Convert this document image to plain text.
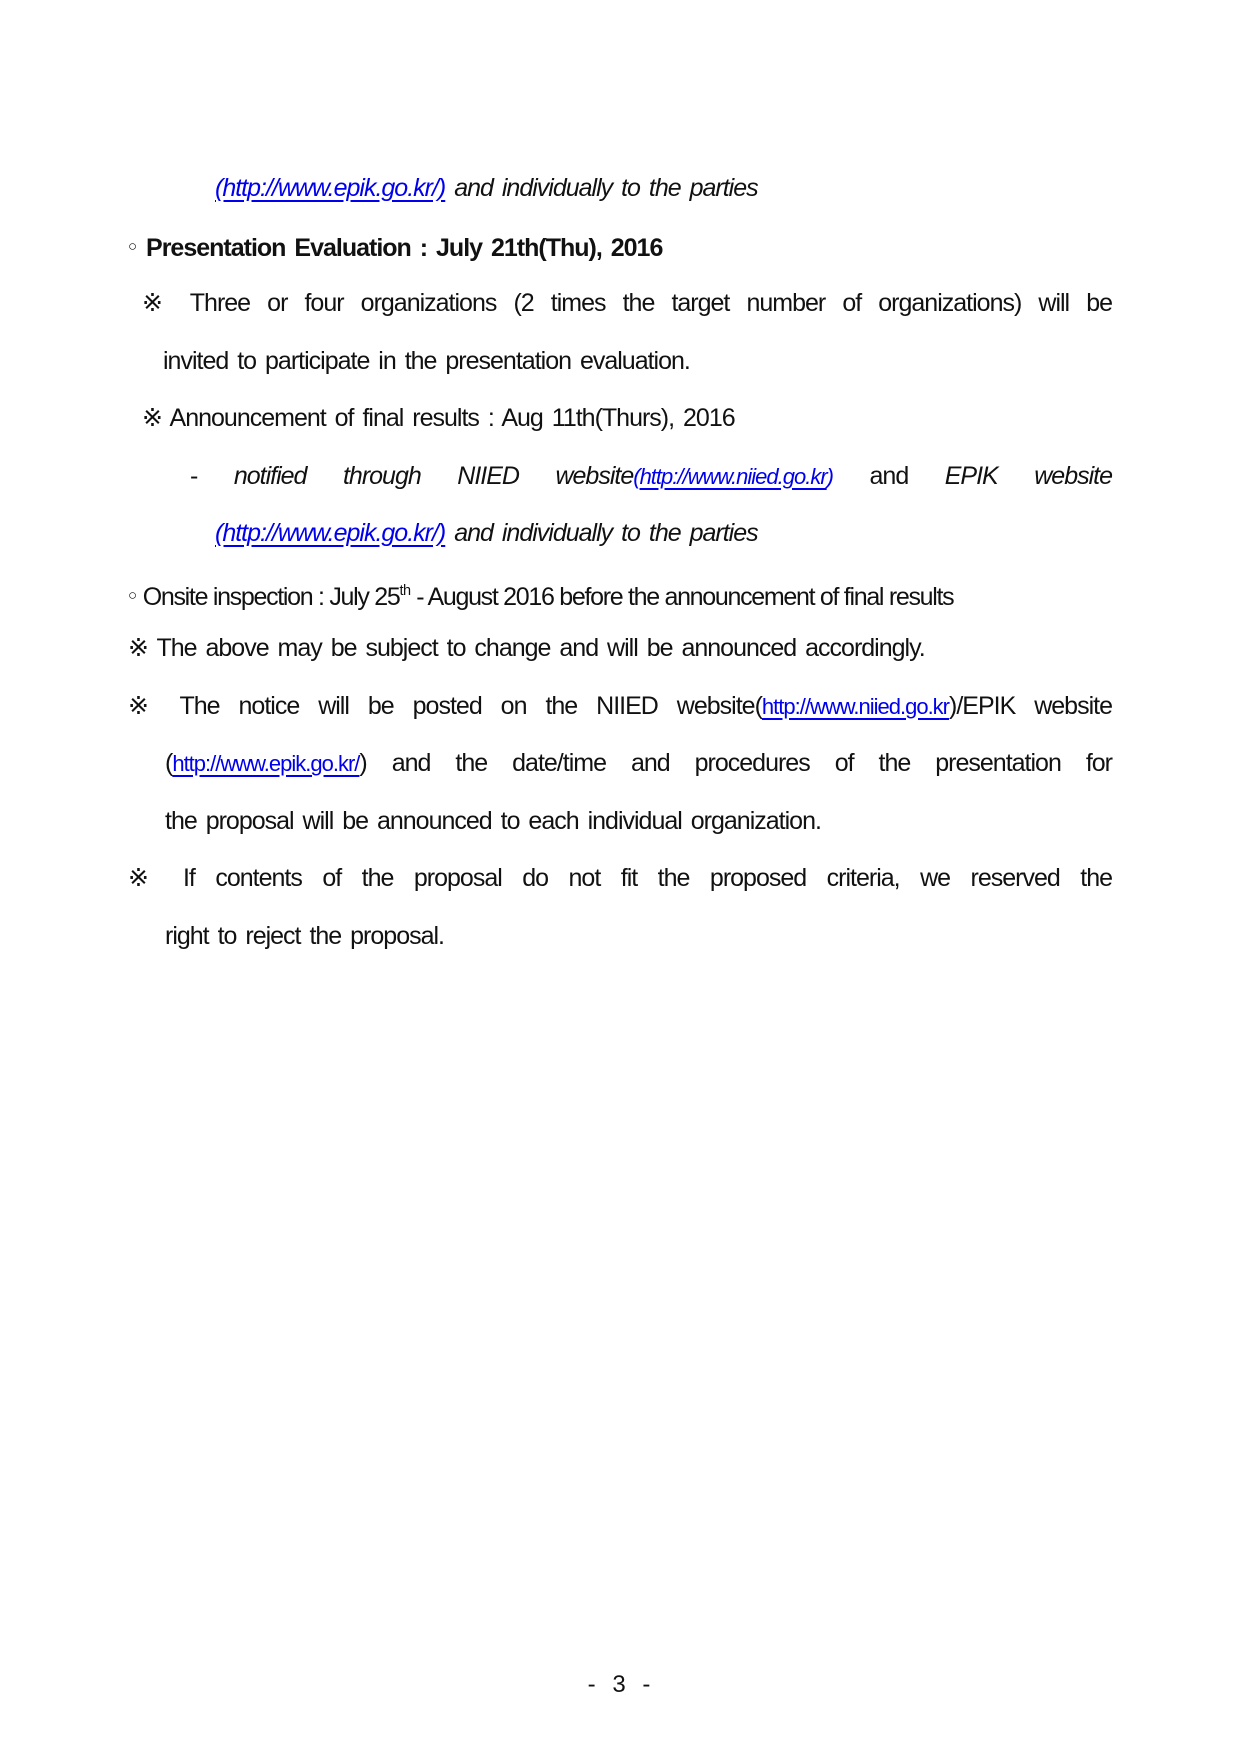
(http://www.epik.go.kr/) and individually to the parties
○ Presentation Evaluation : July 21th(Thu), 2016
※ Three or four organizations (2 times the target number of organizations) will be
invited to participate in the presentation evaluation.
※ Announcement of final results : Aug 11th(Thurs), 2016
- notified through NIIED website(http://www.niied.go.kr) and EPIK website
(http://www.epik.go.kr/) and individually to the parties
○ Onsite inspection : July 25th - August 2016 before the announcement of final results
※ The above may be subject to change and will be announced accordingly.
※ The notice will be posted on the NIIED website(http://www.niied.go.kr)/EPIK website
(http://www.epik.go.kr/) and the date/time and procedures of the presentation for
the proposal will be announced to each individual organization.
※ If contents of the proposal do not fit the proposed criteria, we reserved the
right to reject the proposal.
- 3 -
